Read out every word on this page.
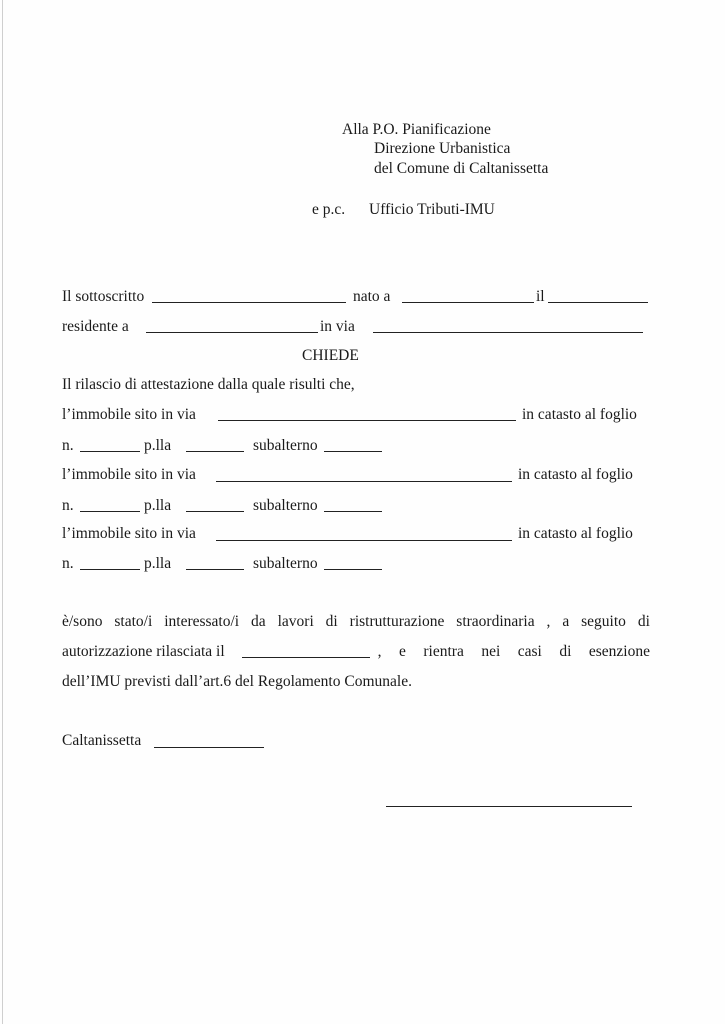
Alla P.O. Pianificazione
Direzione Urbanistica
del Comune di Caltanissetta
e p.c. Ufficio Tributi-IMU
Il sottoscritto	nato a	il
residente a	in via
CHIEDE
Il rilascio di attestazione dalla quale risulti che,
l’immobile sito in via	in catasto al foglio
n.	p.lla	subalterno
l’immobile sito in via	in catasto al foglio
n.	p.lla	subalterno
l’immobile sito in via	in catasto al foglio
n.	p.lla	subalterno
è/sono stato/i interessato/i da lavori di ristrutturazione straordinaria , a seguito di
autorizzazione rilasciata il	, e rientra nei casi di esenzione
dell’IMU previsti dall’art.6 del Regolamento Comunale.
Caltanissetta
